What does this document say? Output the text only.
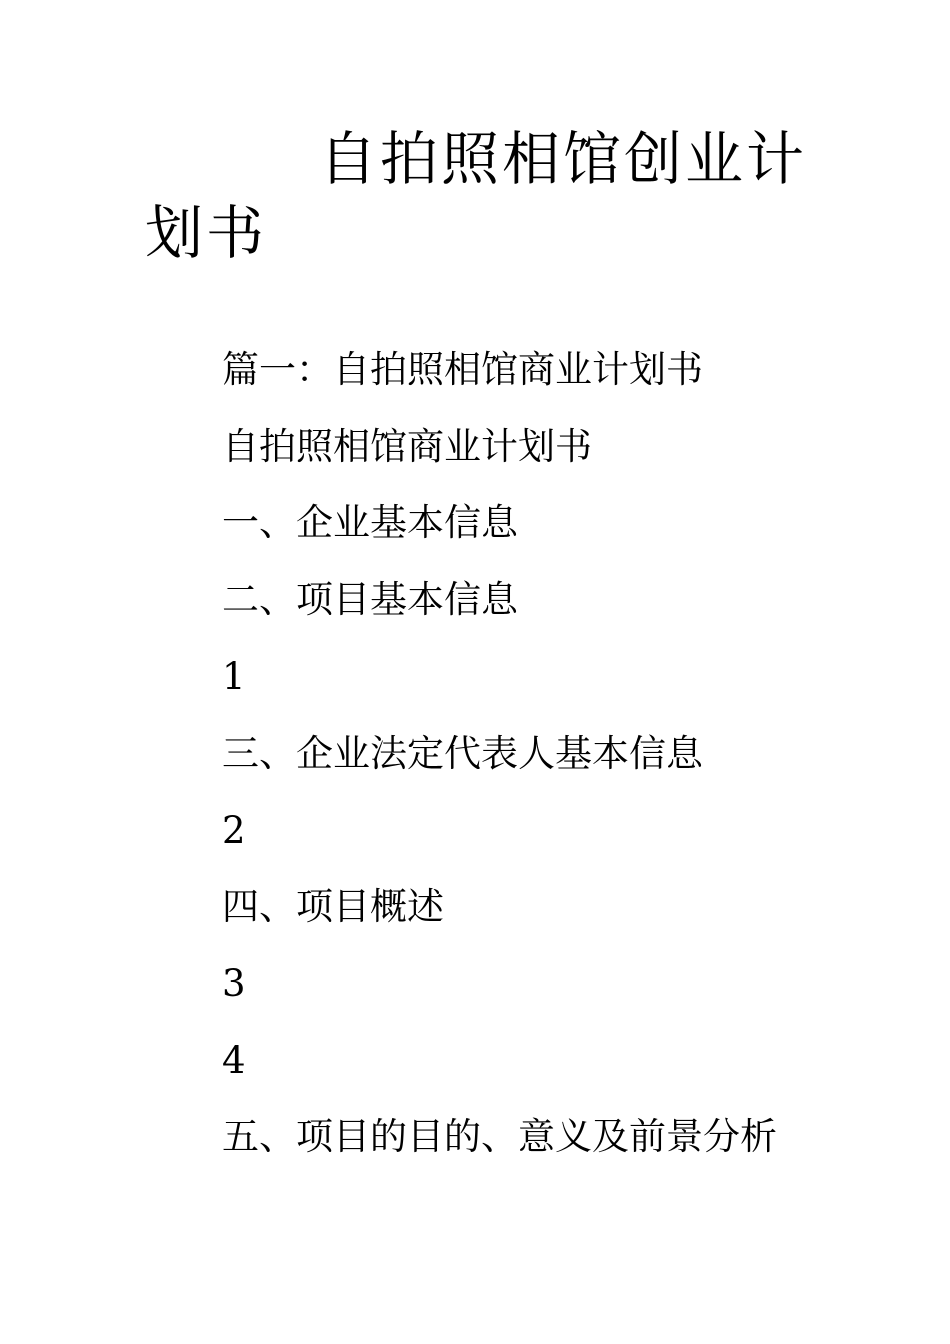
自拍照相馆创业计划书

篇一：自拍照相馆商业计划书

自拍照相馆商业计划书

一、企业基本信息

二、项目基本信息

1

三、企业法定代表人基本信息

2

四、项目概述

3

4

五、项目的目的、意义及前景分析
